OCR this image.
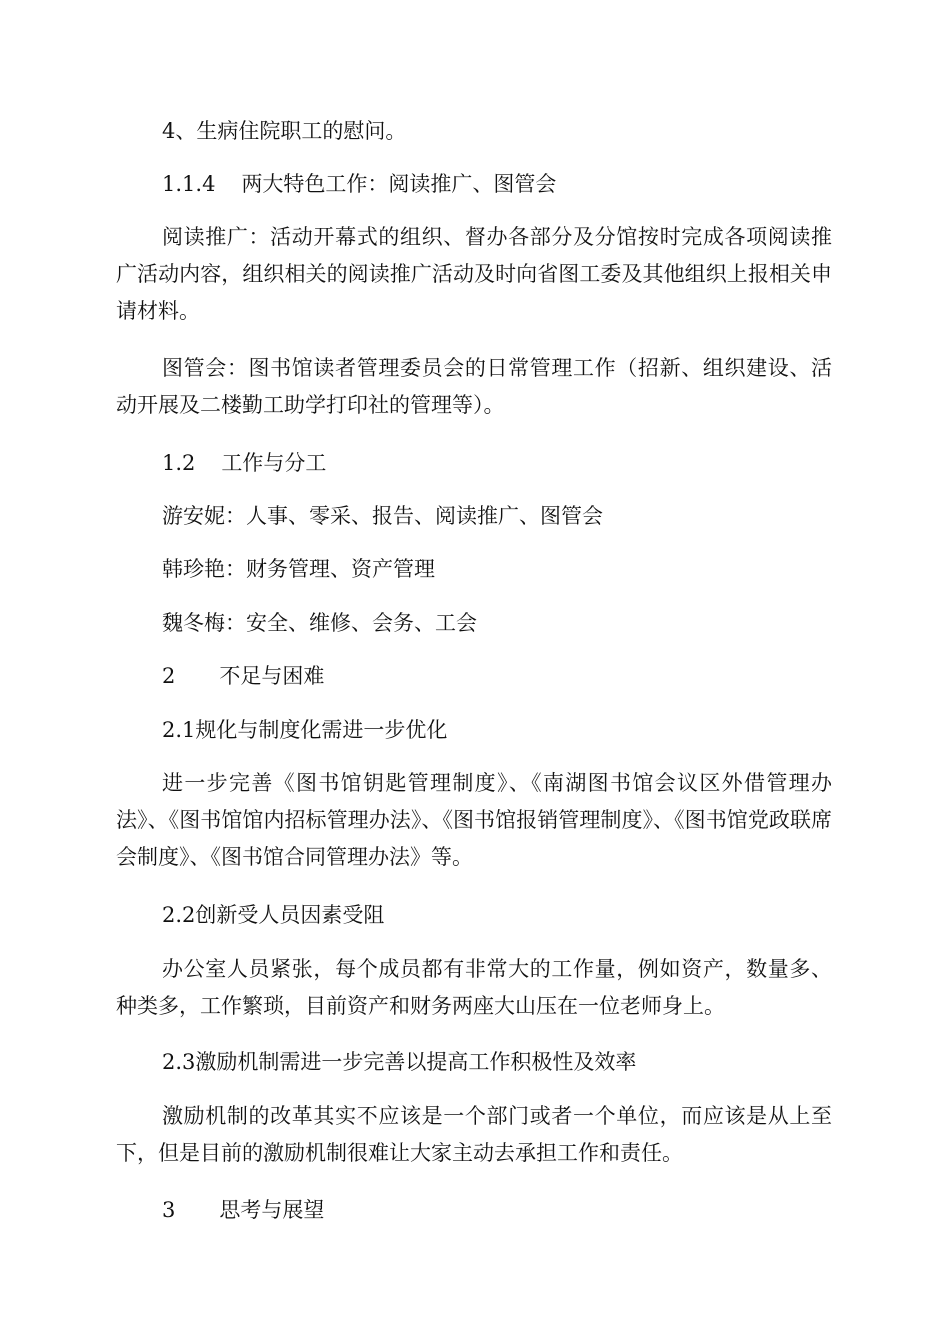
4、生病住院职工的慰问。
1.1.4 两大特色工作：阅读推广、图管会
阅读推广：活动开幕式的组织、督办各部分及分馆按时完成各项阅读推广活动内容，组织相关的阅读推广活动及时向省图工委及其他组织上报相关申请材料。
图管会：图书馆读者管理委员会的日常管理工作（招新、组织建设、活动开展及二楼勤工助学打印社的管理等）。
1.2 工作与分工
游安妮：人事、零采、报告、阅读推广、图管会
韩珍艳：财务管理、资产管理
魏冬梅：安全、维修、会务、工会
2 不足与困难
2.1规化与制度化需进一步优化
进一步完善《图书馆钥匙管理制度》、《南湖图书馆会议区外借管理办法》、《图书馆馆内招标管理办法》、《图书馆报销管理制度》、《图书馆党政联席会制度》、《图书馆合同管理办法》等。
2.2创新受人员因素受阻
办公室人员紧张，每个成员都有非常大的工作量，例如资产，数量多、种类多，工作繁琐，目前资产和财务两座大山压在一位老师身上。
2.3激励机制需进一步完善以提高工作积极性及效率
激励机制的改革其实不应该是一个部门或者一个单位，而应该是从上至下，但是目前的激励机制很难让大家主动去承担工作和责任。
3 思考与展望
